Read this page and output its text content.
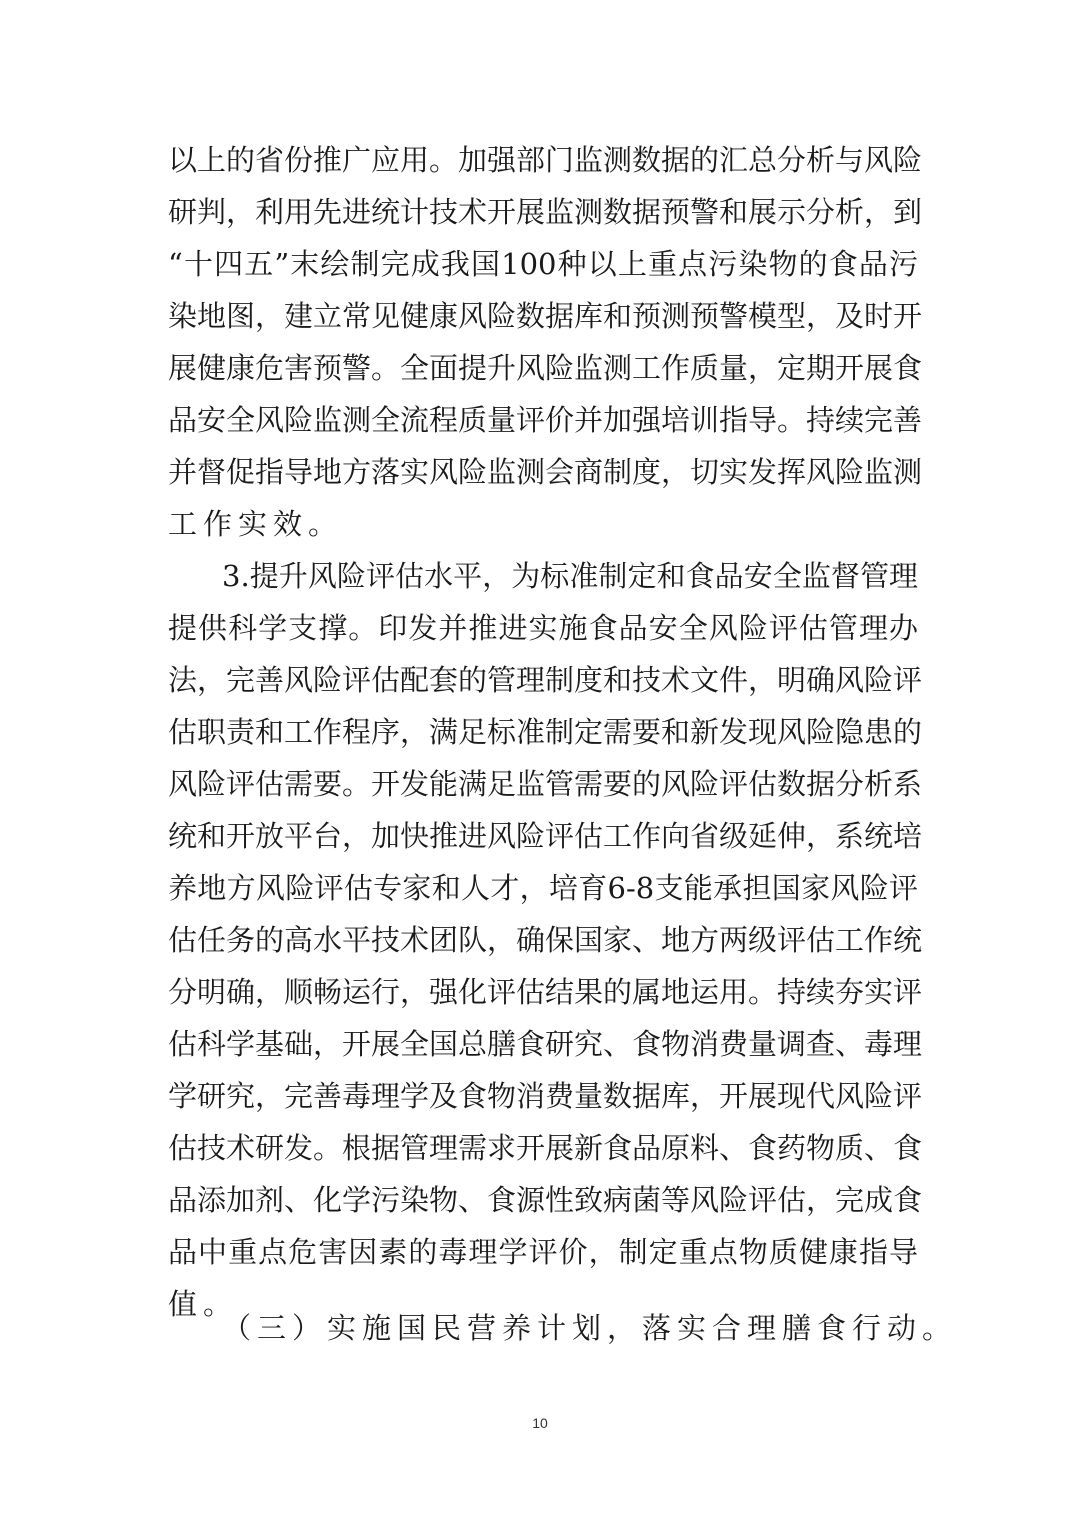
以上的省份推广应用。加强部门监测数据的汇总分析与风险
研判，利用先进统计技术开展监测数据预警和展示分析，到
“十四五”末绘制完成我国100种以上重点污染物的食品污
染地图，建立常见健康风险数据库和预测预警模型，及时开
展健康危害预警。全面提升风险监测工作质量，定期开展食
品安全风险监测全流程质量评价并加强培训指导。持续完善
并督促指导地方落实风险监测会商制度，切实发挥风险监测
工作实效。
3.提升风险评估水平，为标准制定和食品安全监督管理
提供科学支撑。印发并推进实施食品安全风险评估管理办
法，完善风险评估配套的管理制度和技术文件，明确风险评
估职责和工作程序，满足标准制定需要和新发现风险隐患的
风险评估需要。开发能满足监管需要的风险评估数据分析系
统和开放平台，加快推进风险评估工作向省级延伸，系统培
养地方风险评估专家和人才，培育6-8支能承担国家风险评
估任务的高水平技术团队，确保国家、地方两级评估工作统
分明确，顺畅运行，强化评估结果的属地运用。持续夯实评
估科学基础，开展全国总膳食研究、食物消费量调查、毒理
学研究，完善毒理学及食物消费量数据库，开展现代风险评
估技术研发。根据管理需求开展新食品原料、食药物质、食
品添加剂、化学污染物、食源性致病菌等风险评估，完成食
品中重点危害因素的毒理学评价，制定重点物质健康指导
值。
（三）实施国民营养计划，落实合理膳食行动。
10
